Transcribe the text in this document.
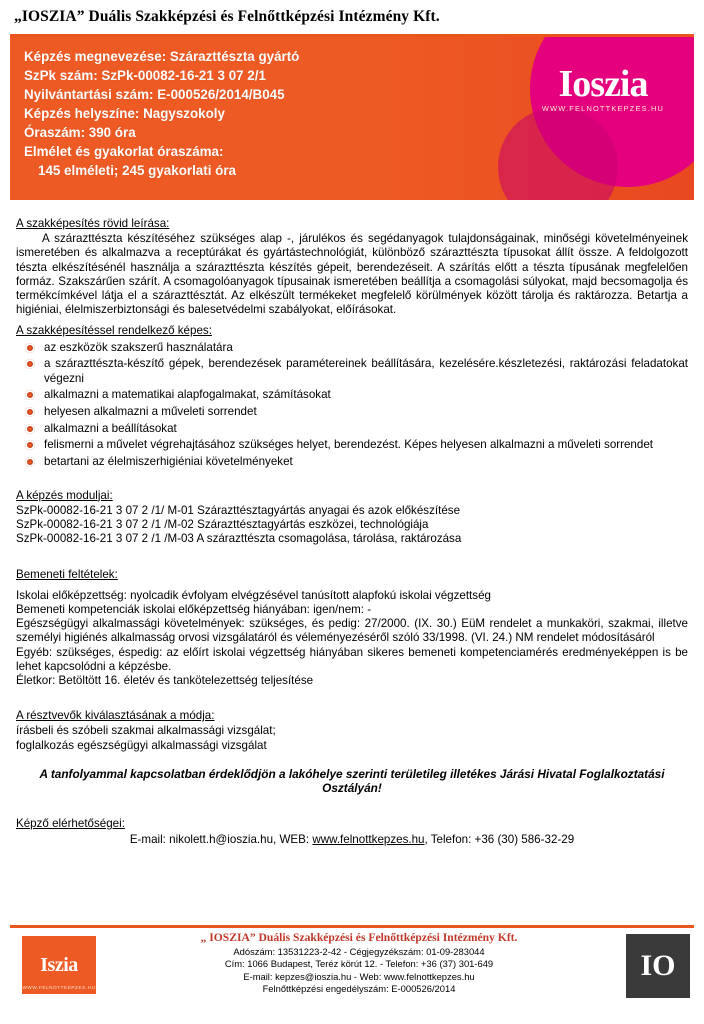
„IOSZIA” Duális Szakképzési és Felnőttképzési Intézmény Kft.
Ioszia
WWW.FELNOTTKEPZES.HU
Képzés megnevezése: Szárazttészta gyártó
SzPk szám: SzPk-00082-16-21 3 07 2/1
Nyilvántartási szám: E-000526/2014/B045
Képzés helyszíne: Nagyszokoly
Óraszám: 390 óra
Elmélet és gyakorlat óraszáma:
145 elméleti; 245 gyakorlati óra
A szakképesítés rövid leírása:

A szárazttészta készítéséhez szükséges alap -, járulékos és segédanyagok tulajdonságainak, minőségi követelményeinek ismeretében és alkalmazva a receptúrákat és gyártástechnológiát, különböző szárazttészta típusokat állít össze. A feldolgozott tészta elkészítésénél használja a szárazttészta készítés gépeit, berendezéseit. A szárítás előtt a tészta típusának megfelelően formáz. Szakszárűen szárít. A csomagolóanyagok típusainak ismeretében beállítja a csomagolási súlyokat, majd becsomagolja és termékcímkével látja el a szárazttésztát. Az elkészült termékeket megfelelő körülmények között tárolja és raktározza. Betartja a higiéniai, élelmiszerbiztonsági és balesetvédelmi szabályokat, előírásokat.

A szakképesítéssel rendelkező képes:
az eszközök szakszerű használatára
a szárazttészta-készítő gépek, berendezések paramétereinek beállítására, kezelésére.készletezési, raktározási feladatokat végezni
alkalmazni a matematikai alapfogalmakat, számításokat
helyesen alkalmazni a műveleti sorrendet
alkalmazni a beállításokat
felismerni a művelet végrehajtásához szükséges helyet, berendezést. Képes helyesen alkalmazni a műveleti sorrendet
betartani az élelmiszerhigiéniai követelményeket
A képzés moduljai:

SzPk-00082-16-21 3 07 2 /1/ M-01 Szárazttésztagyártás anyagai és azok előkészítése

SzPk-00082-16-21 3 07 2 /1 /M-02 Szárazttésztagyártás eszközei, technológiája

SzPk-00082-16-21 3 07 2 /1 /M-03 A szárazttészta csomagolása, tárolása, raktározása

Bemeneti feltételek:

Iskolai előképzettség: nyolcadik évfolyam elvégzésével tanúsított alapfokú iskolai végzettség

Bemeneti kompetenciák iskolai előképzettség hiányában: igen/nem: -

Egészségügyi alkalmassági követelmények: szükséges, és pedig: 27/2000. (IX. 30.) EüM rendelet a munkaköri, szakmai, illetve személyi higiénés alkalmasság orvosi vizsgálatáról és véleményezéséről szóló 33/1998. (VI. 24.) NM rendelet módosításáról

Egyéb: szükséges, éspedig: az előírt iskolai végzettség hiányában sikeres bemeneti kompetenciamérés eredményeképpen is be lehet kapcsolódni a képzésbe.

Életkor: Betöltött 16. életév és tankötelezettség teljesítése

A résztvevők kiválasztásának a módja:

írásbeli és szóbeli szakmai alkalmassági vizsgálat;

foglalkozás egészségügyi alkalmassági vizsgálat

A tanfolyammal kapcsolatban érdeklődjön a lakóhelye szerinti területileg illetékes Járási Hivatal Foglalkoztatási Osztályán!
Képző elérhetőségei:
E-mail: nikolett.h@ioszia.hu, WEB: www.felnottkepzes.hu, Telefon: +36 (30) 586-32-29
I szia
WWW.FELNOTTKEPZES.HU
„ IOSZIA” Duális Szakképzési és Felnőttképzési Intézmény Kft.
Adószám: 13531223-2-42 - Cégjegyzékszám: 01-09-283044
Cím: 1066 Budapest, Teréz körút 12. - Telefon: +36 (37) 301-649
E-mail: kepzes@ioszia.hu - Web: www.felnottkepzes.hu
Felnőttképzési engedélyszám: E-000526/2014
IO
